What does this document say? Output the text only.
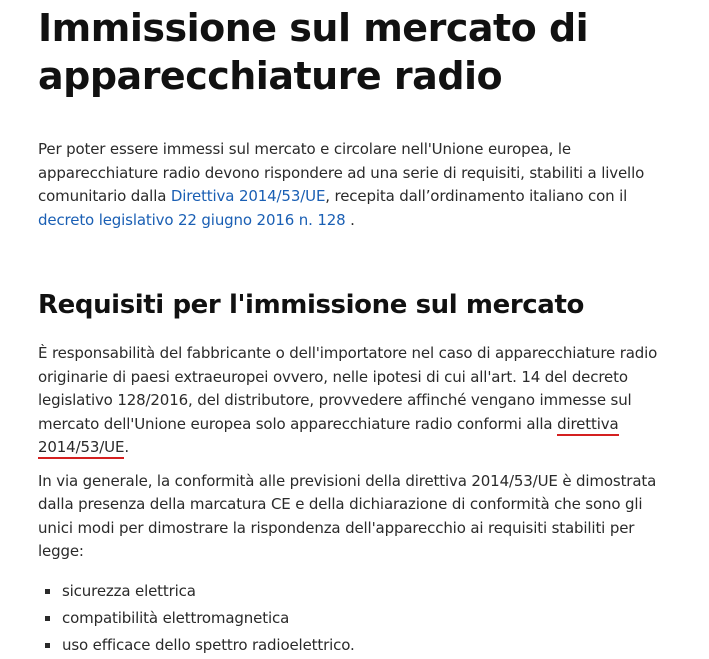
Immissione sul mercato di apparecchiature radio

Per poter essere immessi sul mercato e circolare nell'Unione europea, le apparecchiature radio devono rispondere ad una serie di requisiti, stabiliti a livello comunitario dalla Direttiva 2014/53/UE, recepita dall’ordinamento italiano con il decreto legislativo 22 giugno 2016 n. 128 .

Requisiti per l'immissione sul mercato

È responsabilità del fabbricante o dell'importatore nel caso di apparecchiature radio originarie di paesi extraeuropei ovvero, nelle ipotesi di cui all'art. 14 del decreto legislativo 128/2016, del distributore, provvedere affinché vengano immesse sul mercato dell'Unione europea solo apparecchiature radio conformi alla direttiva 2014/53/UE.

In via generale, la conformità alle previsioni della direttiva 2014/53/UE è dimostrata dalla presenza della marcatura CE e della dichiarazione di conformità che sono gli unici modi per dimostrare la rispondenza dell'apparecchio ai requisiti stabiliti per legge:

sicurezza elettrica
compatibilità elettromagnetica
uso efficace dello spettro radioelettrico.
